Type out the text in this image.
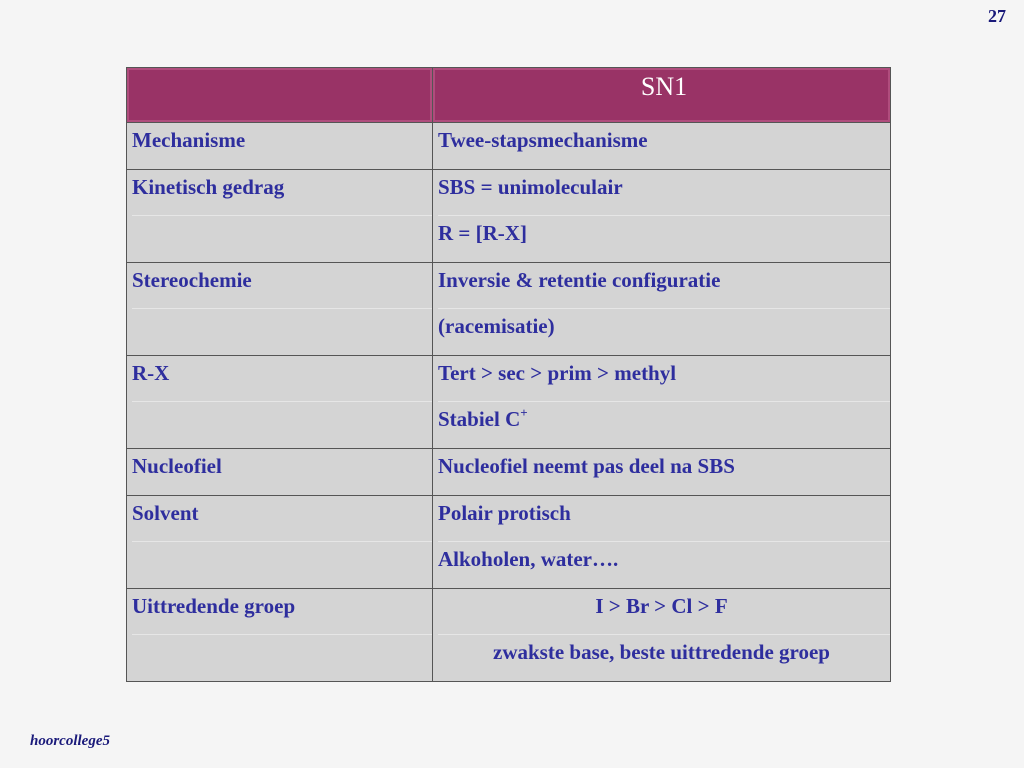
27
	SN1

Mechanisme	Twee-stapsmechanisme

Kinetisch gedrag	SBS = unimoleculair
R = [R-X]

Stereochemie	Inversie & retentie configuratie
(racemisatie)

R-X	Tert > sec > prim > methyl
Stabiel C+

Nucleofiel	Nucleofiel neemt pas deel na SBS

Solvent	Polair protisch
Alkoholen, water….

Uittredende groep	I > Br > Cl > F
zwakste base, beste uittredende groep
hoorcollege5
